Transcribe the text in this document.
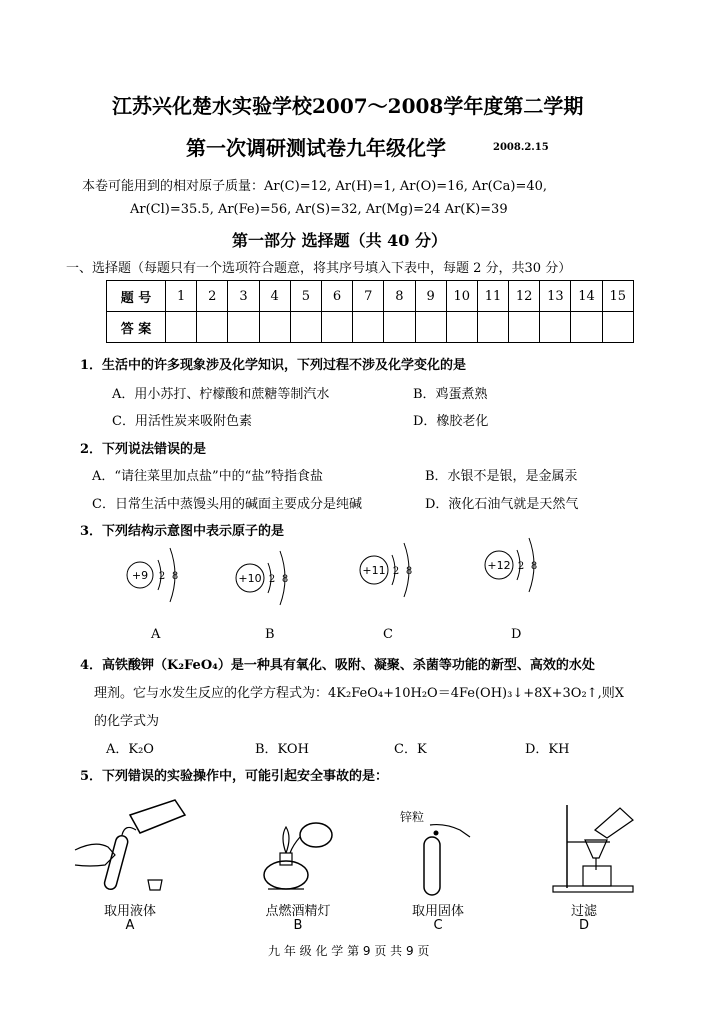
江苏兴化楚水实验学校2007～2008学年度第二学期
第一次调研测试卷九年级化学	2008.2.15
本卷可能用到的相对原子质量：Ar(C)=12, Ar(H)=1, Ar(O)=16, Ar(Ca)=40,
Ar(Cl)=35.5, Ar(Fe)=56, Ar(S)=32, Ar(Mg)=24 Ar(K)=39
第一部分 选择题（共 40 分）
一、选择题（每题只有一个选项符合题意，将其序号填入下表中，每题 2 分，共30 分）
题 号	1	2	3	4	5	6	7	8	9	10	11	12	13	14	15
答 案															
1．生活中的许多现象涉及化学知识，下列过程不涉及化学变化的是
A．用小苏打、柠檬酸和蔗糖等制汽水	B．鸡蛋煮熟
C．用活性炭来吸附色素	D．橡胶老化
2．下列说法错误的是
A．“请往菜里加点盐”中的“盐”特指食盐	B．水银不是银，是金属汞
C．日常生活中蒸馒头用的碱面主要成分是纯碱	D．液化石油气就是天然气
3．下列结构示意图中表示原子的是
+9 2 8
A
+10 2 8
B
+11 2 8
C
+12 2 8
D
4．高铁酸钾（K₂FeO₄）是一种具有氧化、吸附、凝聚、杀菌等功能的新型、高效的水处
理剂。它与水发生反应的化学方程式为：4K₂FeO₄+10H₂O＝4Fe(OH)₃↓+8X+3O₂↑,则X
的化学式为
A．K₂O	B．KOH	C．K	D．KH
5．下列错误的实验操作中，可能引起安全事故的是：
取用液体
A
点燃酒精灯
B
锌粒
取用固体
C
过滤
D
九 年 级 化 学 第 9 页 共 9 页
